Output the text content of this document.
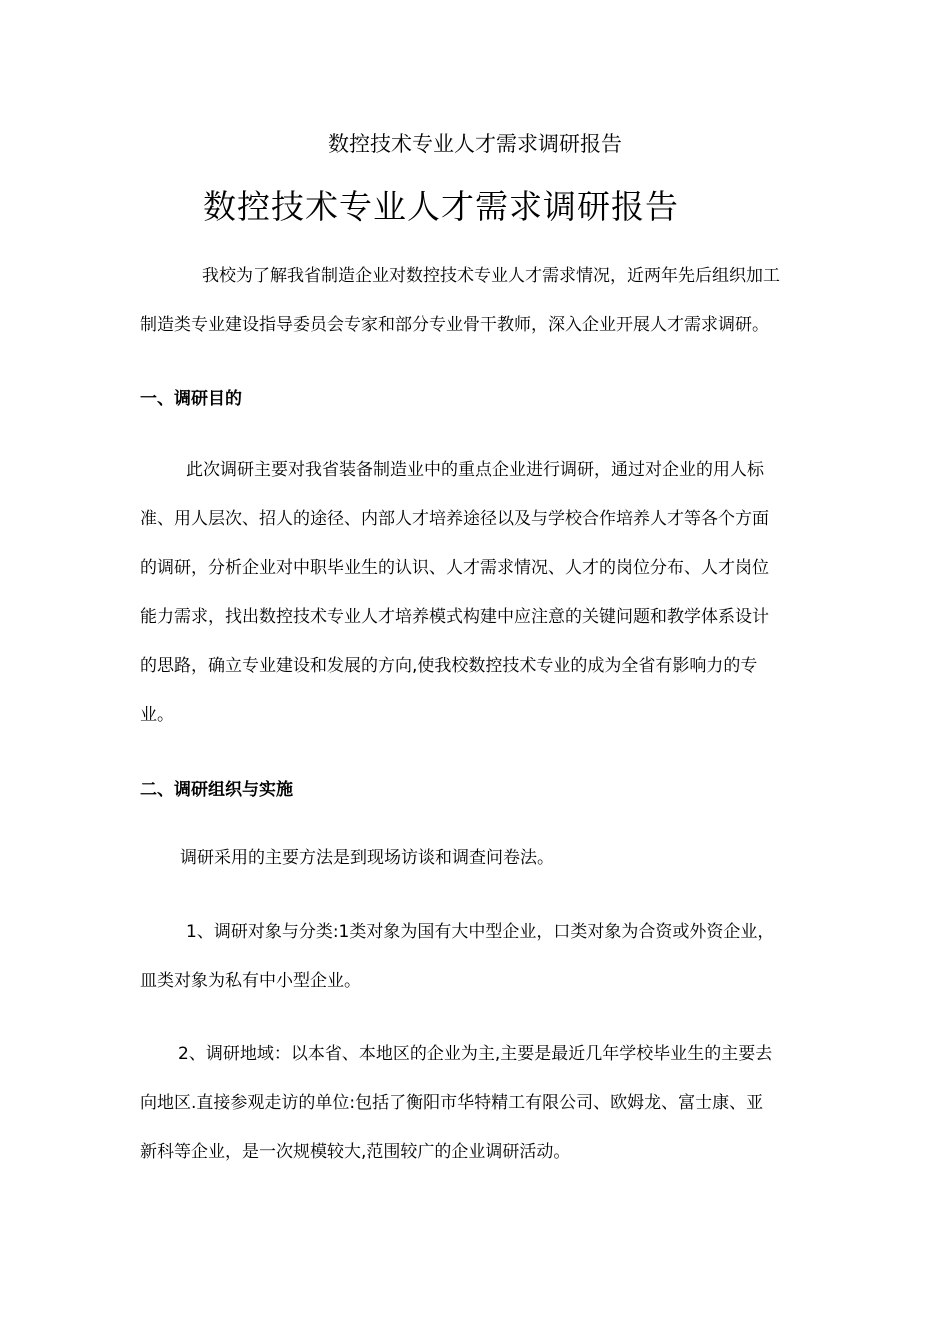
数控技术专业人才需求调研报告
数控技术专业人才需求调研报告
我校为了解我省制造企业对数控技术专业人才需求情况，近两年先后组织加工
制造类专业建设指导委员会专家和部分专业骨干教师，深入企业开展人才需求调研。
一、调研目的
此次调研主要对我省装备制造业中的重点企业进行调研，通过对企业的用人标
准、用人层次、招人的途径、内部人才培养途径以及与学校合作培养人才等各个方面
的调研，分析企业对中职毕业生的认识、人才需求情况、人才的岗位分布、人才岗位
能力需求，找出数控技术专业人才培养模式构建中应注意的关键问题和教学体系设计
的思路，确立专业建设和发展的方向,使我校数控技术专业的成为全省有影响力的专
业。
二、调研组织与实施
调研采用的主要方法是到现场访谈和调查问卷法。
1、调研对象与分类:1类对象为国有大中型企业，口类对象为合资或外资企业，
皿类对象为私有中小型企业。
2、调研地域：以本省、本地区的企业为主,主要是最近几年学校毕业生的主要去
向地区.直接参观走访的单位:包括了衡阳市华特精工有限公司、欧姆龙、富士康、亚
新科等企业，是一次规模较大,范围较广的企业调研活动。
